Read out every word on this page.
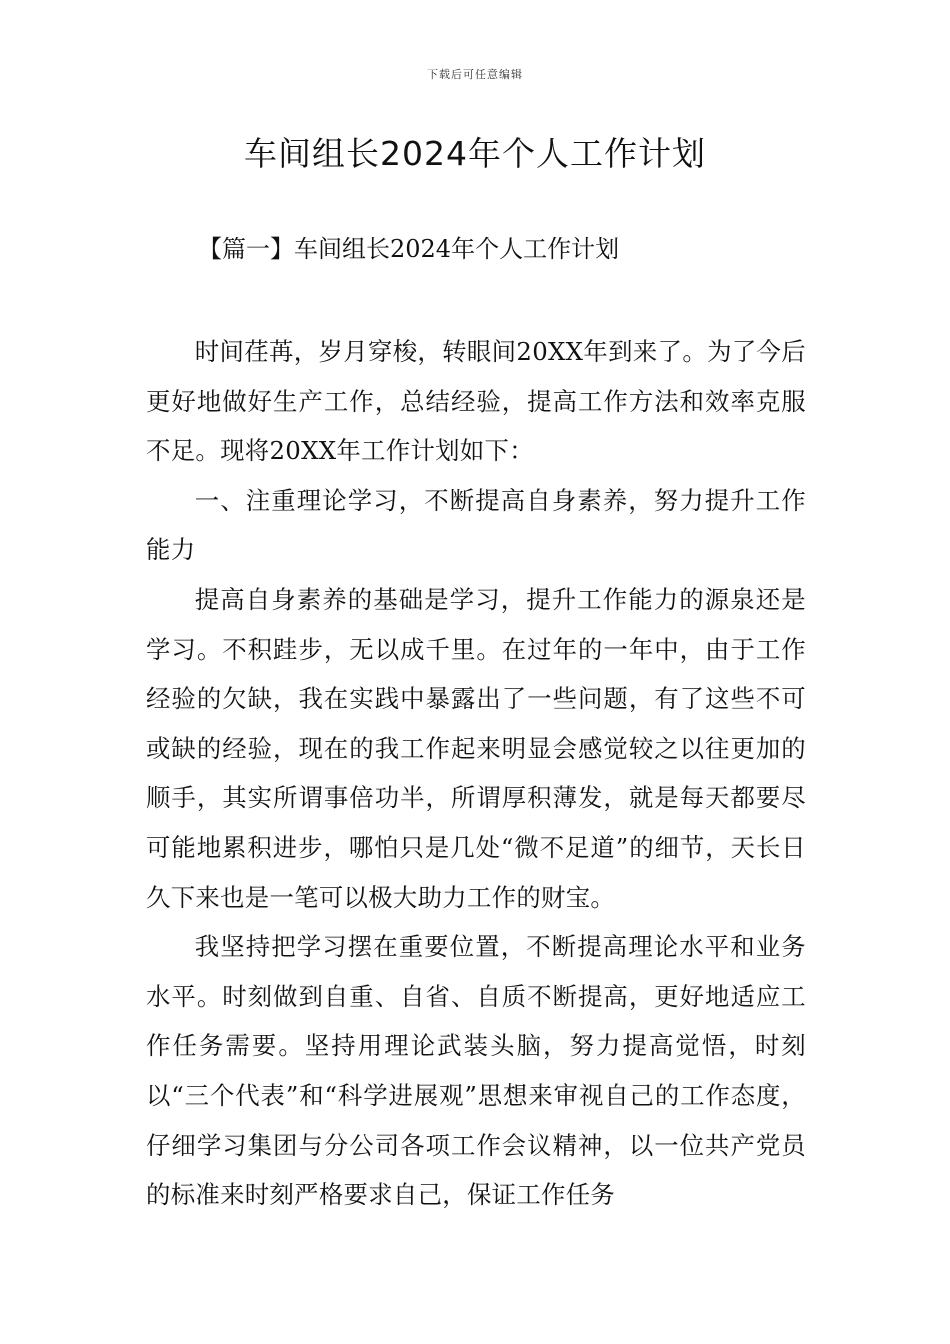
下载后可任意编辑
车间组长2024年个人工作计划
【篇一】车间组长2024年个人工作计划

时间荏苒，岁月穿梭，转眼间20XX年到来了。为了今后更好地做好生产工作，总结经验，提高工作方法和效率克服不足。现将20XX年工作计划如下：

一、注重理论学习，不断提高自身素养，努力提升工作能力

提高自身素养的基础是学习，提升工作能力的源泉还是学习。不积跬步，无以成千里。在过年的一年中，由于工作经验的欠缺，我在实践中暴露出了一些问题，有了这些不可或缺的经验，现在的我工作起来明显会感觉较之以往更加的顺手，其实所谓事倍功半，所谓厚积薄发，就是每天都要尽可能地累积进步，哪怕只是几处“微不足道”的细节，天长日久下来也是一笔可以极大助力工作的财宝。

我坚持把学习摆在重要位置，不断提高理论水平和业务水平。时刻做到自重、自省、自质不断提高，更好地适应工作任务需要。坚持用理论武装头脑，努力提高觉悟，时刻以“三个代表”和“科学进展观”思想来审视自己的工作态度，仔细学习集团与分公司各项工作会议精神，以一位共产党员的标准来时刻严格要求自己，保证工作任务
